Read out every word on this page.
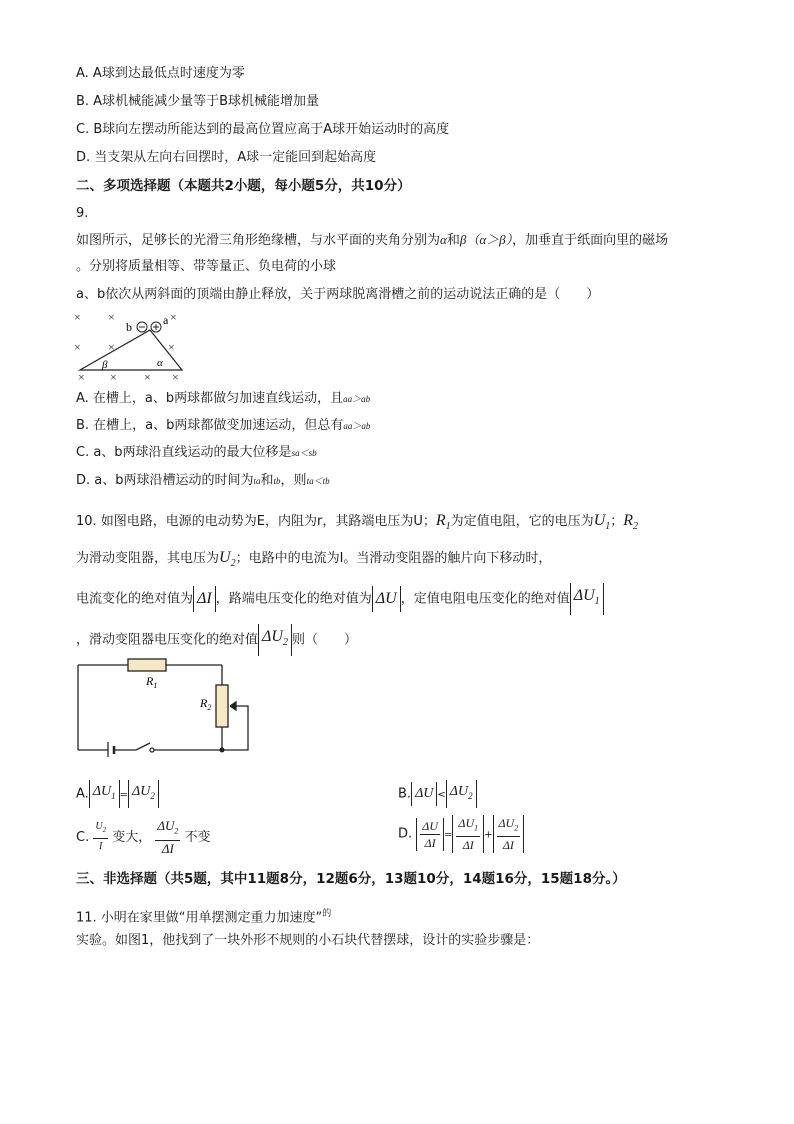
A. A球到达最低点时速度为零
B. A球机械能减少量等于B球机械能增加量
C. B球向左摆动所能达到的最高位置应高于A球开始运动时的高度
D. 当支架从左向右回摆时，A球一定能回到起始高度
二、多项选择题（本题共2小题，每小题5分，共10分）
9.
如图所示，足够长的光滑三角形绝缘槽，与水平面的夹角分别为α和β（α＞β），加垂直于纸面向里的磁场
。分别将质量相等、带等量正、负电荷的小球
a、b依次从两斜面的顶端由静止释放，关于两球脱离滑槽之前的运动说法正确的是（　　）
× ×	×
× ×	×
× × × ×
b	a
β	α
A. 在槽上，a、b两球都做匀加速直线运动，且aa＞ab
B. 在槽上，a、b两球都做变加速运动，但总有aa＞ab
C. a、b两球沿直线运动的最大位移是sa＜sb
D. a、b两球沿槽运动的时间为ta和tb，则ta＜tb
10. 如图电路，电源的电动势为E，内阻为r，其路端电压为U；$R_1$为定值电阻，它的电压为$U_1$；$R_2$
为滑动变阻器，其电压为$U_2$；电路中的电流为I。当滑动变阻器的触片向下移动时，
电流变化的绝对值为 ΔI ，路端电压变化的绝对值为 ΔU ，定值电阻电压变化的绝对值 $\Delta U_1$
，滑动变阻器电压变化的绝对值 $\Delta U_2$ 则（　　）
$R_1$
$R_2$
A. $\Delta U_1 = \Delta U_2$	B. $\Delta U < \Delta U_2$
C. $\frac{U_2}{I}$ 变大， $\frac{\Delta U_2}{\Delta I}$ 不变	D. $\frac{\Delta U}{\Delta I} = \frac{\Delta U_1}{\Delta I} + \frac{\Delta U_2}{\Delta I}$
三、非选择题（共5题，其中11题8分，12题6分，13题10分，14题16分，15题18分。）
11. 小明在家里做“用单摆测定重力加速度”$^的$
实验。如图1，他找到了一块外形不规则的小石块代替摆球，设计的实验步骤是：
